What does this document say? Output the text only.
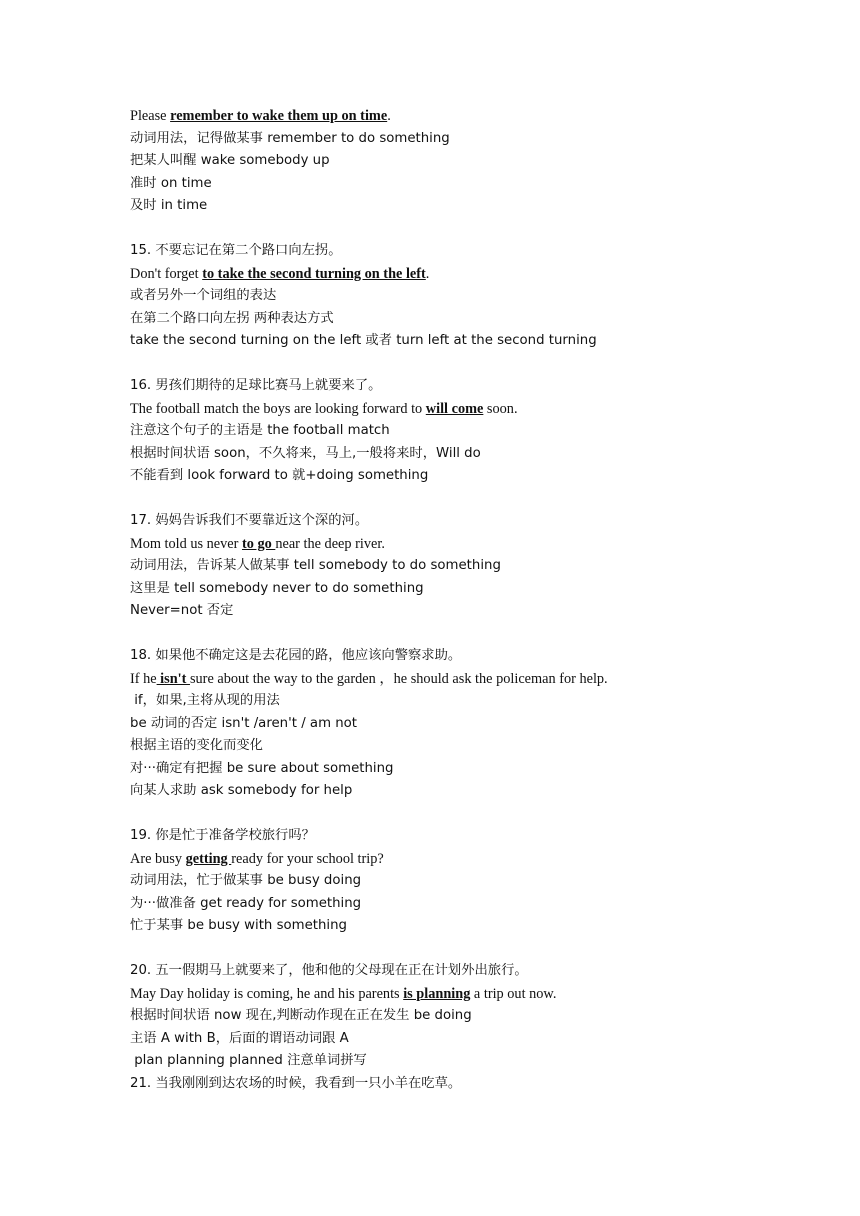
Please remember to wake them up on time.
动词用法，记得做某事 remember to do something
把某人叫醒 wake somebody up
准时 on time
及时 in time
15. 不要忘记在第二个路口向左拐。
Don't forget to take the second turning on the left.
或者另外一个词组的表达
在第二个路口向左拐 两种表达方式
take the second turning on the left 或者 turn left at the second turning
16. 男孩们期待的足球比赛马上就要来了。
The football match the boys are looking forward to will come soon.
注意这个句子的主语是 the football match
根据时间状语 soon，不久将来，马上,一般将来时，Will do
不能看到 look forward to 就+doing something
17. 妈妈告诉我们不要靠近这个深的河。
Mom told us never to go near the deep river.
动词用法，告诉某人做某事 tell somebody to do something
这里是 tell somebody never to do something
Never=not 否定
18. 如果他不确定这是去花园的路，他应该向警察求助。
If he isn't sure about the way to the garden ，he should ask the policeman for help.
if，如果,主将从现的用法
be 动词的否定 isn't /aren't / am not
根据主语的变化而变化
对···确定有把握 be sure about something
向某人求助 ask somebody for help
19. 你是忙于准备学校旅行吗？
Are busy getting ready for your school trip?
动词用法，忙于做某事 be busy doing
为···做准备 get ready for something
忙于某事 be busy with something
20. 五一假期马上就要来了，他和他的父母现在正在计划外出旅行。
May Day holiday is coming, he and his parents is planning a trip out now.
根据时间状语 now 现在,判断动作现在正在发生 be doing
主语 A with B，后面的谓语动词跟 A
plan planning planned 注意单词拼写
21. 当我刚刚到达农场的时候，我看到一只小羊在吃草。
